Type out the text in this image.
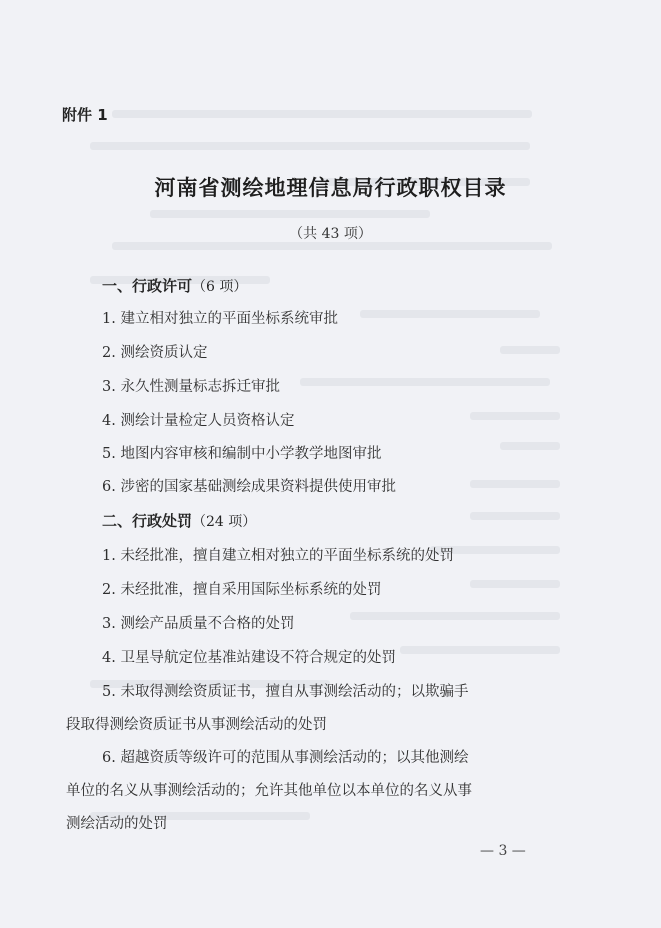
附件 1
河南省测绘地理信息局行政职权目录
（共 43 项）
一、行政许可（6 项）
1. 建立相对独立的平面坐标系统审批
2. 测绘资质认定
3. 永久性测量标志拆迁审批
4. 测绘计量检定人员资格认定
5. 地图内容审核和编制中小学教学地图审批
6. 涉密的国家基础测绘成果资料提供使用审批
二、行政处罚（24 项）
1. 未经批准，擅自建立相对独立的平面坐标系统的处罚
2. 未经批准，擅自采用国际坐标系统的处罚
3. 测绘产品质量不合格的处罚
4. 卫星导航定位基准站建设不符合规定的处罚
5. 未取得测绘资质证书，擅自从事测绘活动的；以欺骗手
段取得测绘资质证书从事测绘活动的处罚
6. 超越资质等级许可的范围从事测绘活动的；以其他测绘
单位的名义从事测绘活动的；允许其他单位以本单位的名义从事
测绘活动的处罚
— 3 —
